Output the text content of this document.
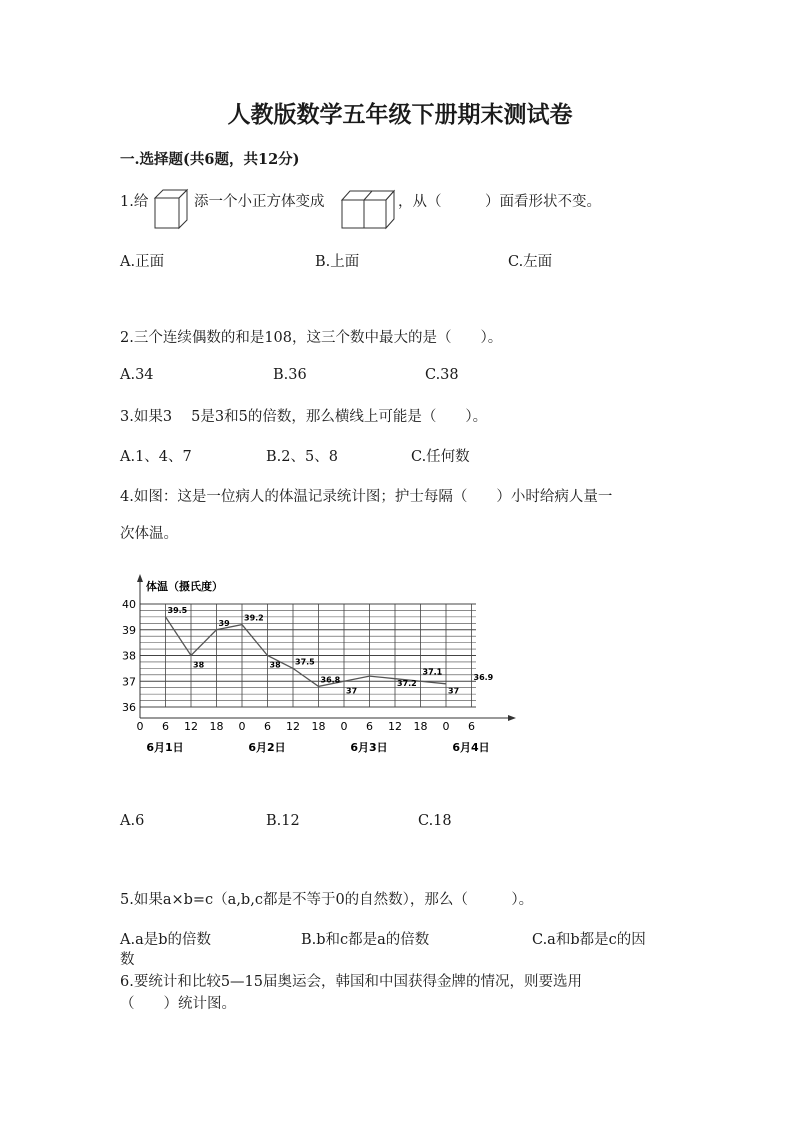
人教版数学五年级下册期末测试卷
一.选择题(共6题，共12分)
1.给	添一个小正方体变成	，从（　　　）面看形状不变。
A.正面	B.上面	C.左面
2.三个连续偶数的和是108，这三个数中最大的是（　　）。
A.34	B.36	C.38
3.如果3　 5是3和5的倍数，那么横线上可能是（　　）。
A.1、4、7	B.2、5、8	C.任何数
4.如图：这是一位病人的体温记录统计图；护士每隔（　　）小时给病人量一
次体温。
体温（摄氏度）
36
37
38
39
40
0 6 12 18 0 6 12 18 0 6 12 18 0 6
6月1日	6月2日	6月3日	6月4日
39.5
38
39
39.2
38 37.5
36.8
37
37.2
37.1
37
36.9
A.6	B.12	C.18
5.如果a×b=c（a,b,c都是不等于0的自然数），那么（　　　）。
A.a是b的倍数	B.b和c都是a的倍数	C.a和b都是c的因
数
6.要统计和比较5—15届奥运会，韩国和中国获得金牌的情况，则要选用
（　　）统计图。
